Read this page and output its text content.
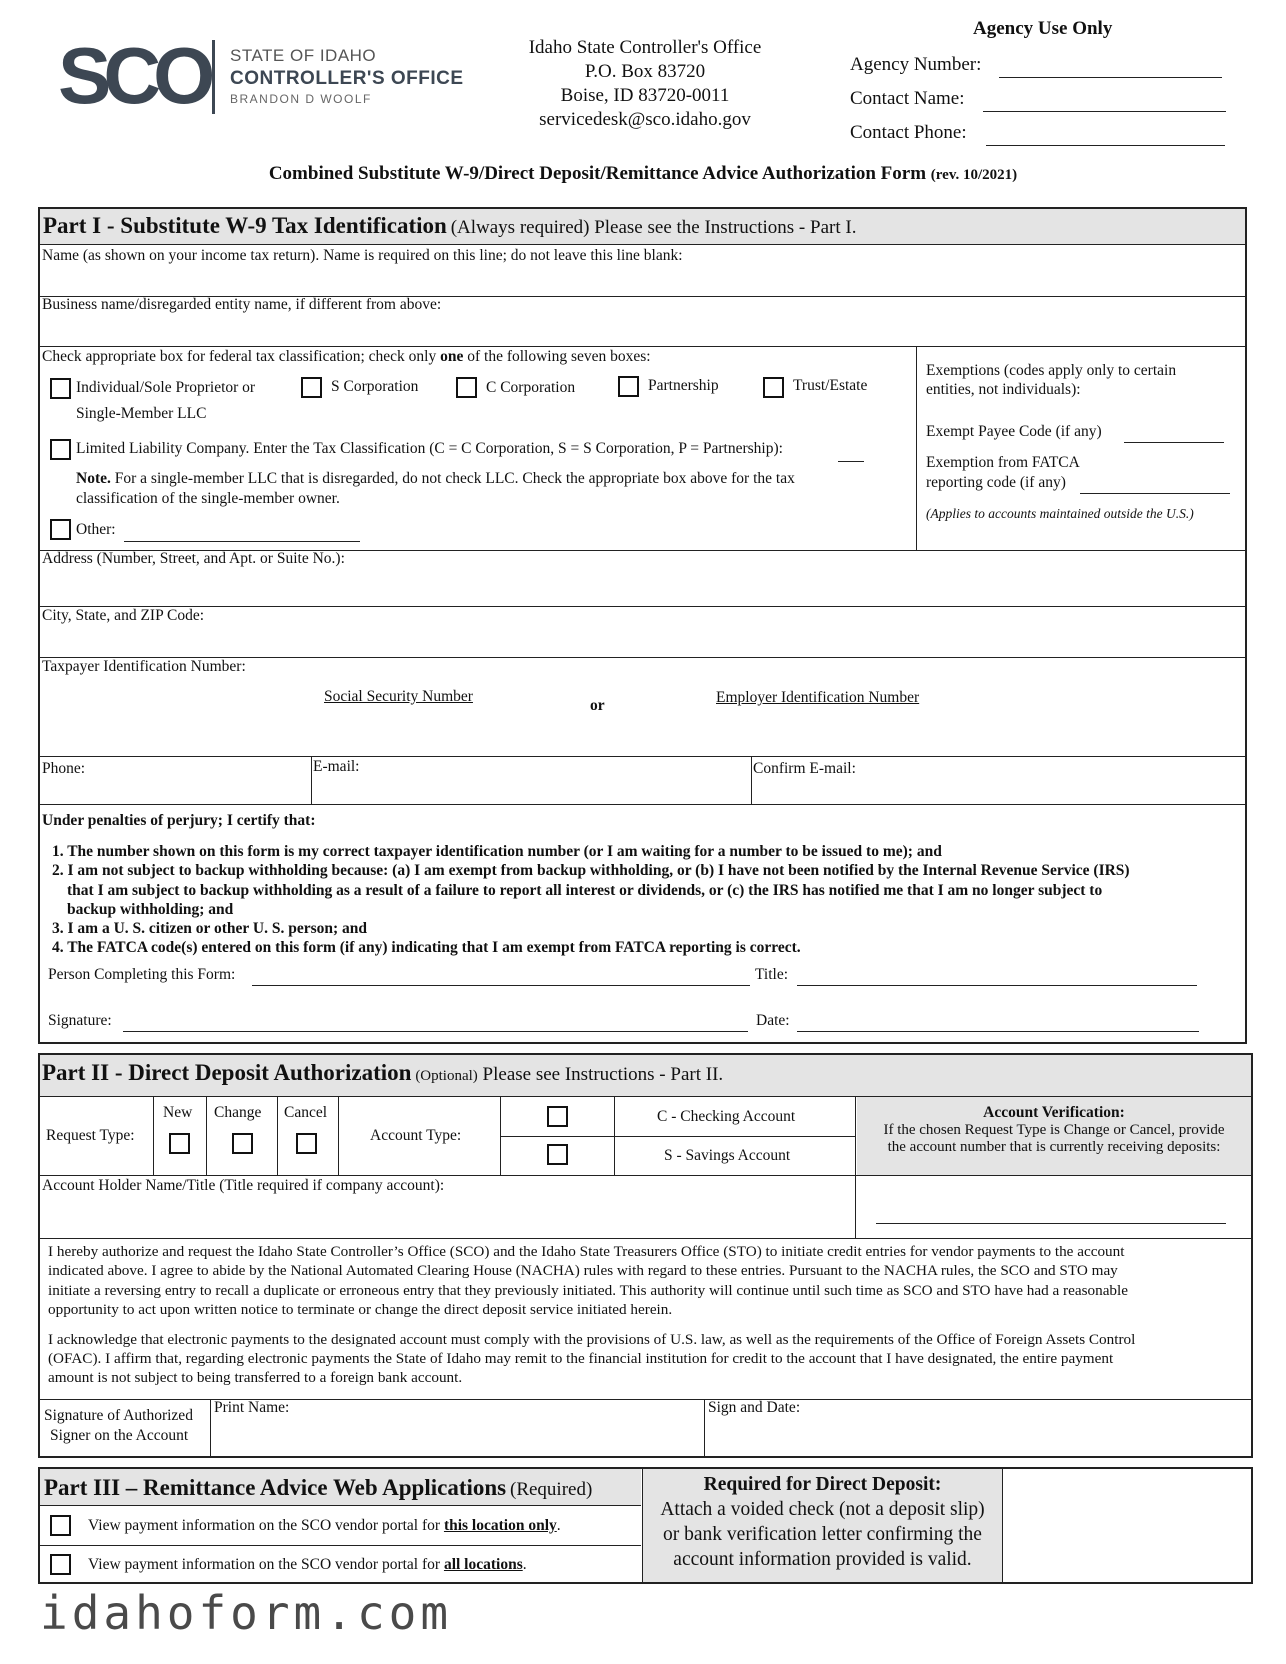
SCO STATE OF IDAHO
CONTROLLER'S OFFICE
BRANDON D WOOLF
Idaho State Controller's Office
P.O. Box 83720
Boise, ID 83720-0011
servicedesk@sco.idaho.gov
Agency Use Only
Agency Number:
Contact Name:
Contact Phone:
Combined Substitute W-9/Direct Deposit/Remittance Advice Authorization Form (rev. 10/2021)
Part I - Substitute W-9 Tax Identification (Always required) Please see the Instructions - Part I.
Name (as shown on your income tax return). Name is required on this line; do not leave this line blank:
Business name/disregarded entity name, if different from above:
Check appropriate box for federal tax classification; check only one of the following seven boxes:
Individual/Sole Proprietor or
Single-Member LLC
S Corporation	C Corporation	Partnership	Trust/Estate
Limited Liability Company. Enter the Tax Classification (C = C Corporation, S = S Corporation, P = Partnership):
Note. For a single-member LLC that is disregarded, do not check LLC. Check the appropriate box above for the tax
classification of the single-member owner.
Other:
Exemptions (codes apply only to certain
entities, not individuals):
Exempt Payee Code (if any)
Exemption from FATCA
reporting code (if any)
(Applies to accounts maintained outside the U.S.)
Address (Number, Street, and Apt. or Suite No.):
City, State, and ZIP Code:
Taxpayer Identification Number:
Social Security Number
or	Employer Identification Number
Phone:	E-mail:	Confirm E-mail:
Under penalties of perjury; I certify that:
1. The number shown on this form is my correct taxpayer identification number (or I am waiting for a number to be issued to me); and
2. I am not subject to backup withholding because: (a) I am exempt from backup withholding, or (b) I have not been notified by the Internal Revenue Service (IRS)
that I am subject to backup withholding as a result of a failure to report all interest or dividends, or (c) the IRS has notified me that I am no longer subject to
backup withholding; and
3. I am a U. S. citizen or other U. S. person; and
4. The FATCA code(s) entered on this form (if any) indicating that I am exempt from FATCA reporting is correct.
Person Completing this Form:	Title:
Signature:	Date:
Part II - Direct Deposit Authorization (Optional) Please see Instructions - Part II.
Request Type:
New Change Cancel
Account Type:
C - Checking Account
S - Savings Account
Account Verification:
If the chosen Request Type is Change or Cancel, provide
the account number that is currently receiving deposits:
Account Holder Name/Title (Title required if company account):
I hereby authorize and request the Idaho State Controller’s Office (SCO) and the Idaho State Treasurers Office (STO) to initiate credit entries for vendor payments to the account
indicated above. I agree to abide by the National Automated Clearing House (NACHA) rules with regard to these entries. Pursuant to the NACHA rules, the SCO and STO may
initiate a reversing entry to recall a duplicate or erroneous entry that they previously initiated. This authority will continue until such time as SCO and STO have had a reasonable
opportunity to act upon written notice to terminate or change the direct deposit service initiated herein.
I acknowledge that electronic payments to the designated account must comply with the provisions of U.S. law, as well as the requirements of the Office of Foreign Assets Control
(OFAC). I affirm that, regarding electronic payments the State of Idaho may remit to the financial institution for credit to the account that I have designated, the entire payment
amount is not subject to being transferred to a foreign bank account.
Signature of Authorized
Signer on the Account
Print Name:	Sign and Date:
Part III – Remittance Advice Web Applications (Required)
View payment information on the SCO vendor portal for this location only.
View payment information on the SCO vendor portal for all locations.
Required for Direct Deposit:
Attach a voided check (not a deposit slip)
or bank verification letter confirming the
account information provided is valid.
idahoform.com
